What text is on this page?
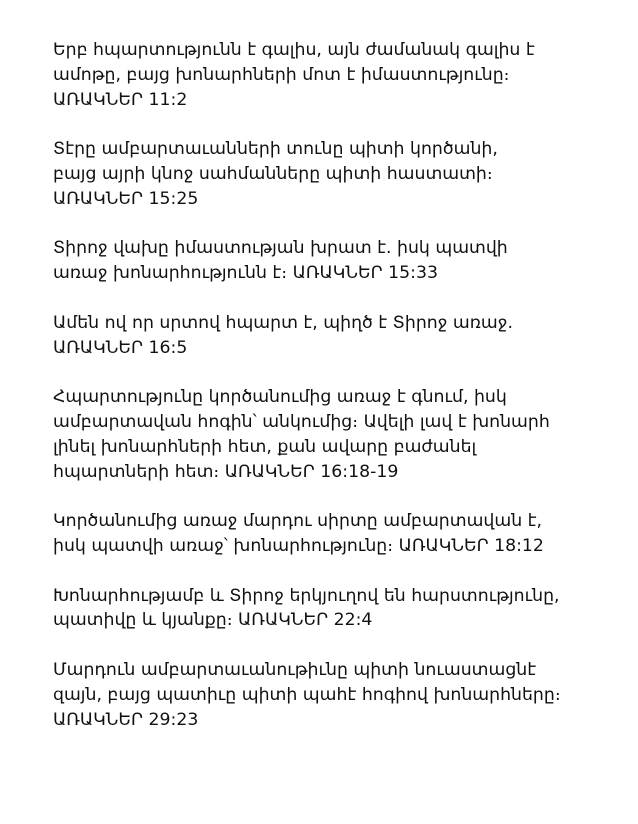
Երբ հպարտությունն է գալիս, այն ժամանակ գալիս է
ամոթը, բայց խոնարհների մոտ է իմաստությունը։
ԱՌԱԿՆԵՐ 11:2

Տէրը ամբարտաւանների տունը պիտի կործանի,
բայց այրի կնոջ սահմանները պիտի հաստատի։
ԱՌԱԿՆԵՐ 15:25

Տիրոջ վախը իմաստության խրատ է. իսկ պատվի
առաջ խոնարհությունն է։ ԱՌԱԿՆԵՐ 15:33

Ամեն ով որ սրտով հպարտ է, պիղծ է Տիրոջ առաջ.
ԱՌԱԿՆԵՐ 16:5

Հպարտությունը կործանումից առաջ է գնում, իսկ
ամբարտավան հոգին՝ անկումից։ Ավելի լավ է խոնարհ
լինել խոնարհների հետ, քան ավարը բաժանել
հպարտների հետ։ ԱՌԱԿՆԵՐ 16:18-19

Կործանումից առաջ մարդու սիրտը ամբարտավան է,
իսկ պատվի առաջ՝ խոնարհությունը։ ԱՌԱԿՆԵՐ 18:12

Խոնարհությամբ և Տիրոջ երկյուղով են հարստությունը,
պատիվը և կյանքը։ ԱՌԱԿՆԵՐ 22:4

Մարդուն ամբարտաւանութիւնը պիտի նուաստացնէ
զայն, բայց պատիւը պիտի պահէ հոգիով խոնարհները։
ԱՌԱԿՆԵՐ 29:23
